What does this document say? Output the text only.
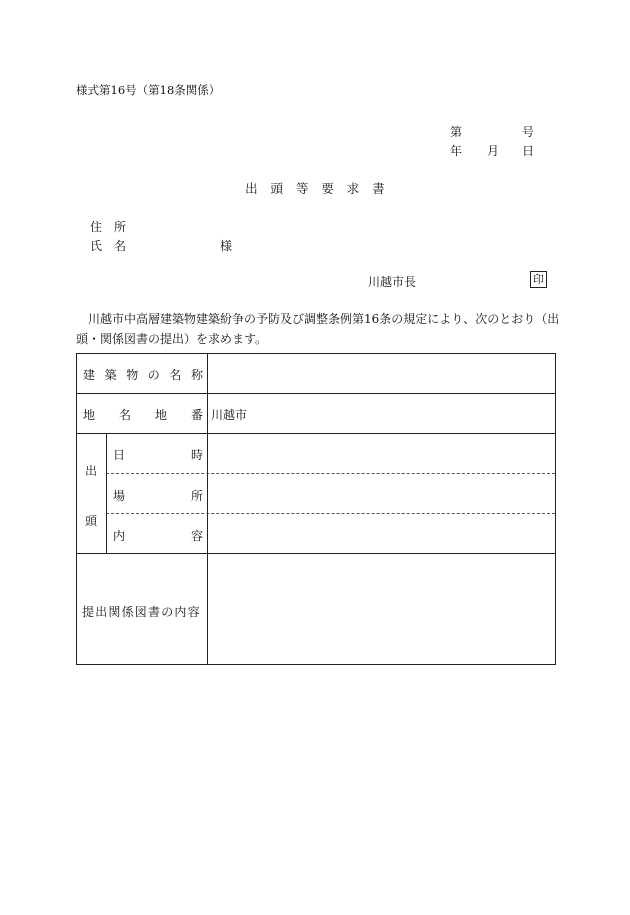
様式第16号（第18条関係）
第	号
年 月 日
出　頭　等　要　求　書
住　所
氏　名	様
川越市長	印
川越市中高層建築物建築紛争の予防及び調整条例第16条の規定により、次のとおり（出頭・関係図書の提出）を求めます。
建 築 物 の 名 称
地 名 地 番 川越市
出
頭
日	時
場	所
内	容
提出関係図書の内容
